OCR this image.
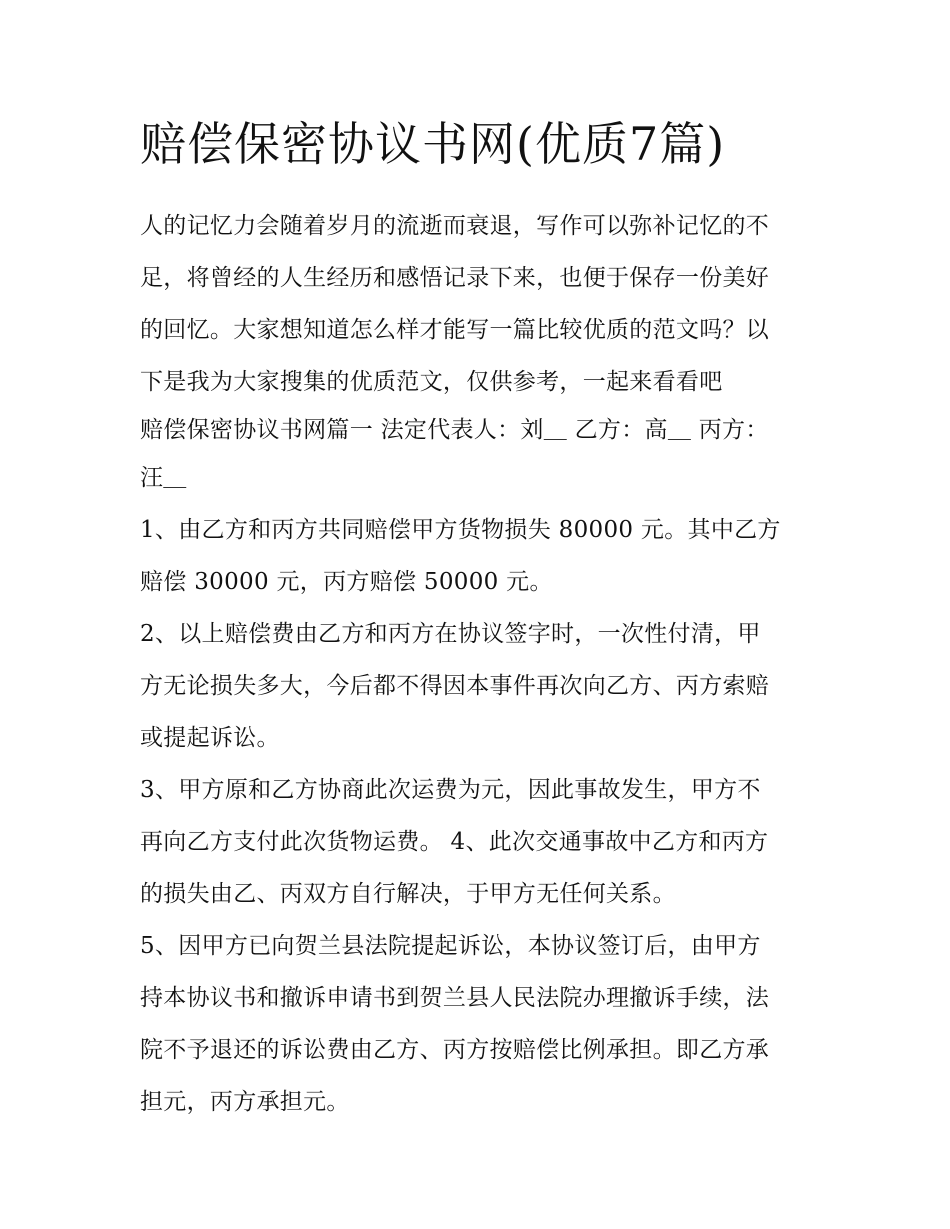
赔偿保密协议书网(优质7篇)
人的记忆力会随着岁月的流逝而衰退，写作可以弥补记忆的不
足，将曾经的人生经历和感悟记录下来，也便于保存一份美好
的回忆。大家想知道怎么样才能写一篇比较优质的范文吗？以
下是我为大家搜集的优质范文，仅供参考，一起来看看吧
赔偿保密协议书网篇一 法定代表人：刘＿ 乙方：高＿ 丙方：
汪＿
1、由乙方和丙方共同赔偿甲方货物损失 80000 元。其中乙方
赔偿 30000 元，丙方赔偿 50000 元。
2、以上赔偿费由乙方和丙方在协议签字时，一次性付清，甲
方无论损失多大，今后都不得因本事件再次向乙方、丙方索赔
或提起诉讼。
3、甲方原和乙方协商此次运费为元，因此事故发生，甲方不
再向乙方支付此次货物运费。 4、此次交通事故中乙方和丙方
的损失由乙、丙双方自行解决，于甲方无任何关系。
5、因甲方已向贺兰县法院提起诉讼，本协议签订后，由甲方
持本协议书和撤诉申请书到贺兰县人民法院办理撤诉手续，法
院不予退还的诉讼费由乙方、丙方按赔偿比例承担。即乙方承
担元，丙方承担元。
